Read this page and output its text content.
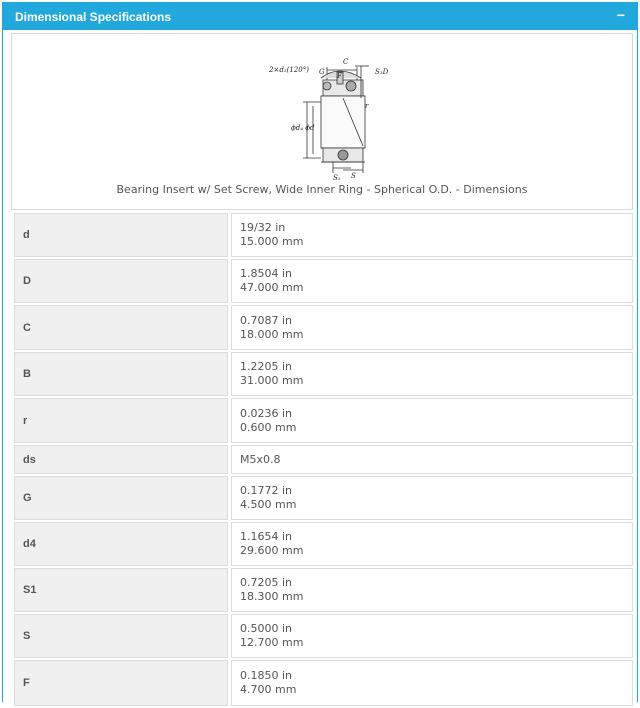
Dimensional Specifications	−
2×d₁(120°)
C
S₁D
G F
r
ϕd₄ ϕd
S₁ S
Bearing Insert w/ Set Screw, Wide Inner Ring - Spherical O.D. - Dimensions
d
19/32 in
15.000 mm
D
1.8504 in
47.000 mm
C
0.7087 in
18.000 mm
B
1.2205 in
31.000 mm
r
0.0236 in
0.600 mm
ds	M5x0.8
G
0.1772 in
4.500 mm
d4
1.1654 in
29.600 mm
S1
0.7205 in
18.300 mm
S
0.5000 in
12.700 mm
F
0.1850 in
4.700 mm
